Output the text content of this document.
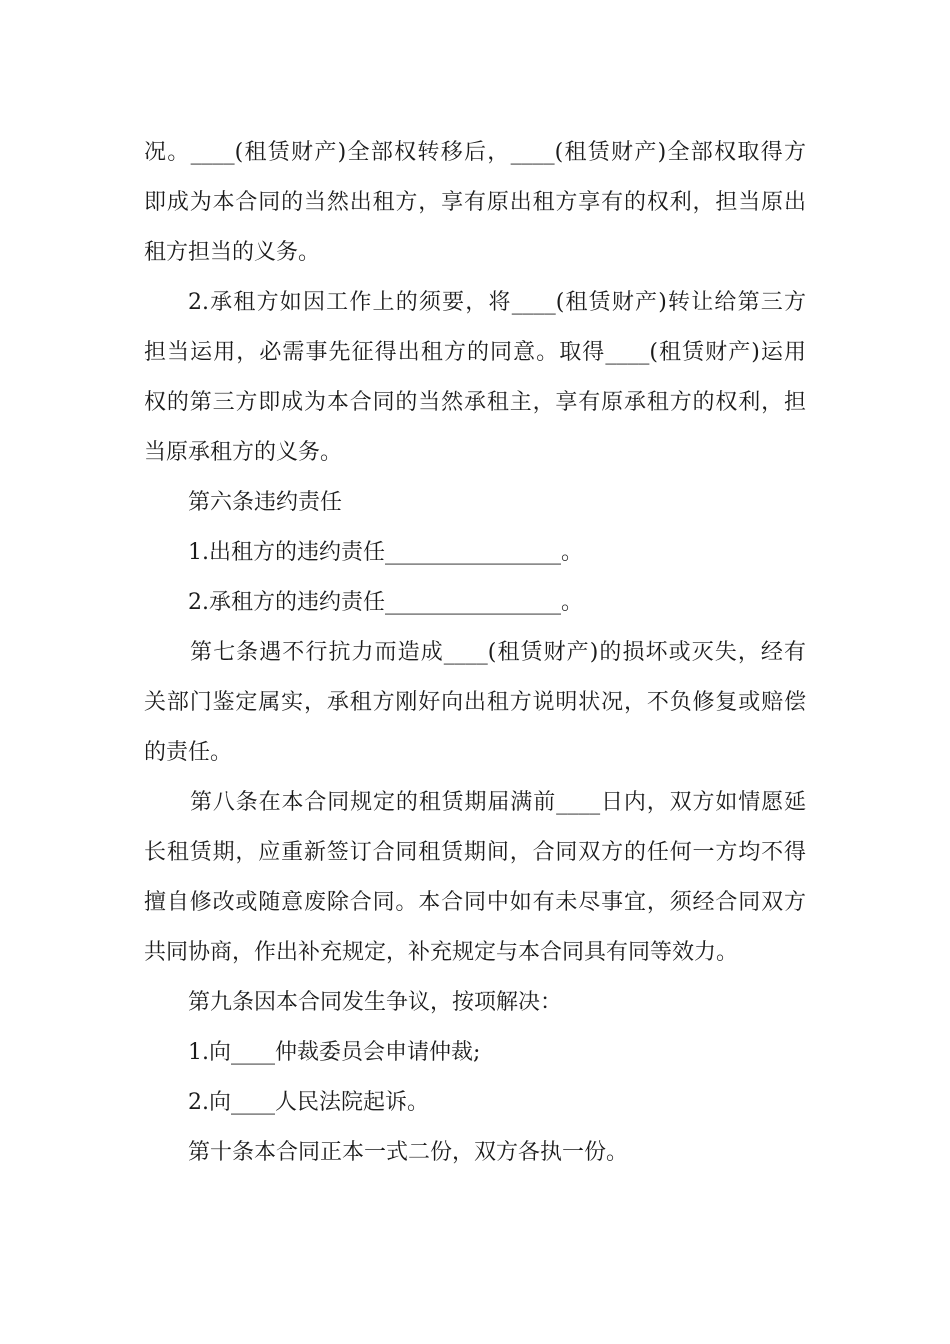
况。____(租赁财产)全部权转移后，____(租赁财产)全部权取得方
即成为本合同的当然出租方，享有原出租方享有的权利，担当原出
租方担当的义务。
2.承租方如因工作上的须要，将____(租赁财产)转让给第三方
担当运用，必需事先征得出租方的同意。取得____(租赁财产)运用
权的第三方即成为本合同的当然承租主，享有原承租方的权利，担
当原承租方的义务。
第六条违约责任
1.出租方的违约责任________________。
2.承租方的违约责任________________。
第七条遇不行抗力而造成____(租赁财产)的损坏或灭失，经有
关部门鉴定属实，承租方刚好向出租方说明状况，不负修复或赔偿
的责任。
第八条在本合同规定的租赁期届满前____日内，双方如情愿延
长租赁期，应重新签订合同租赁期间，合同双方的任何一方均不得
擅自修改或随意废除合同。本合同中如有未尽事宜，须经合同双方
共同协商，作出补充规定，补充规定与本合同具有同等效力。
第九条因本合同发生争议，按项解决：
1.向____仲裁委员会申请仲裁;
2.向____人民法院起诉。
第十条本合同正本一式二份，双方各执一份。
